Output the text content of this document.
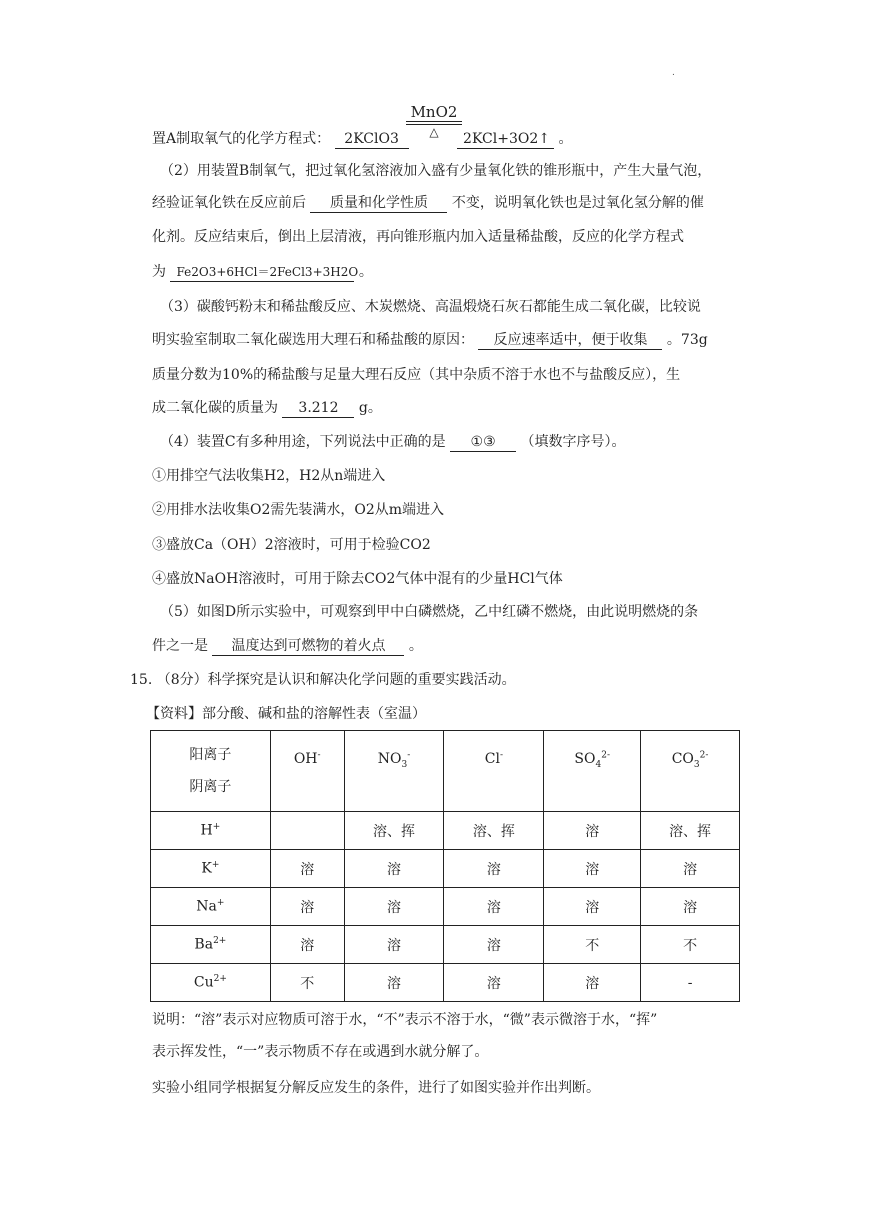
.
MnO2
△
置A制取氧气的化学方程式： 2KClO3	2KCl+3O2↑ 。
（2）用装置B制氧气，把过氧化氢溶液加入盛有少量氧化铁的锥形瓶中，产生大量气泡，
经验证氧化铁在反应前后 质量和化学性质 不变，说明氧化铁也是过氧化氢分解的催
化剂。反应结束后，倒出上层清液，再向锥形瓶内加入适量稀盐酸，反应的化学方程式
为 Fe2O3+6HCl＝2FeCl3+3H2O 。
（3）碳酸钙粉末和稀盐酸反应、木炭燃烧、高温煅烧石灰石都能生成二氧化碳，比较说
明实验室制取二氧化碳选用大理石和稀盐酸的原因： 反应速率适中，便于收集 。73g
质量分数为10%的稀盐酸与足量大理石反应（其中杂质不溶于水也不与盐酸反应），生
成二氧化碳的质量为 3.212 g。
（4）装置C有多种用途，下列说法中正确的是 ①③ （填数字序号）。
①用排空气法收集H2，H2从n端进入
②用排水法收集O2需先装满水，O2从m端进入
③盛放Ca（OH）2溶液时，可用于检验CO2
④盛放NaOH溶液时，可用于除去CO2气体中混有的少量HCl气体
（5）如图D所示实验中，可观察到甲中白磷燃烧，乙中红磷不燃烧，由此说明燃烧的条
件之一是 温度达到可燃物的着火点 。
15. （8分）科学探究是认识和解决化学问题的重要实践活动。
【资料】部分酸、碱和盐的溶解性表（室温）
阳离子
阴离子	OH-	$NO_3^-$	Cl-	$SO_4^{2-}$	$CO_3^{2-}$
H+		溶、挥	溶、挥	溶	溶、挥
K+	溶	溶	溶	溶	溶
Na+	溶	溶	溶	溶	溶
$Ba^{2+}$	溶	溶	溶	不	不
$Cu^{2+}$	不	溶	溶	溶	-
说明：“溶”表示对应物质可溶于水，“不”表示不溶于水，“微”表示微溶于水，“挥”
表示挥发性，“一”表示物质不存在或遇到水就分解了。
实验小组同学根据复分解反应发生的条件，进行了如图实验并作出判断。
